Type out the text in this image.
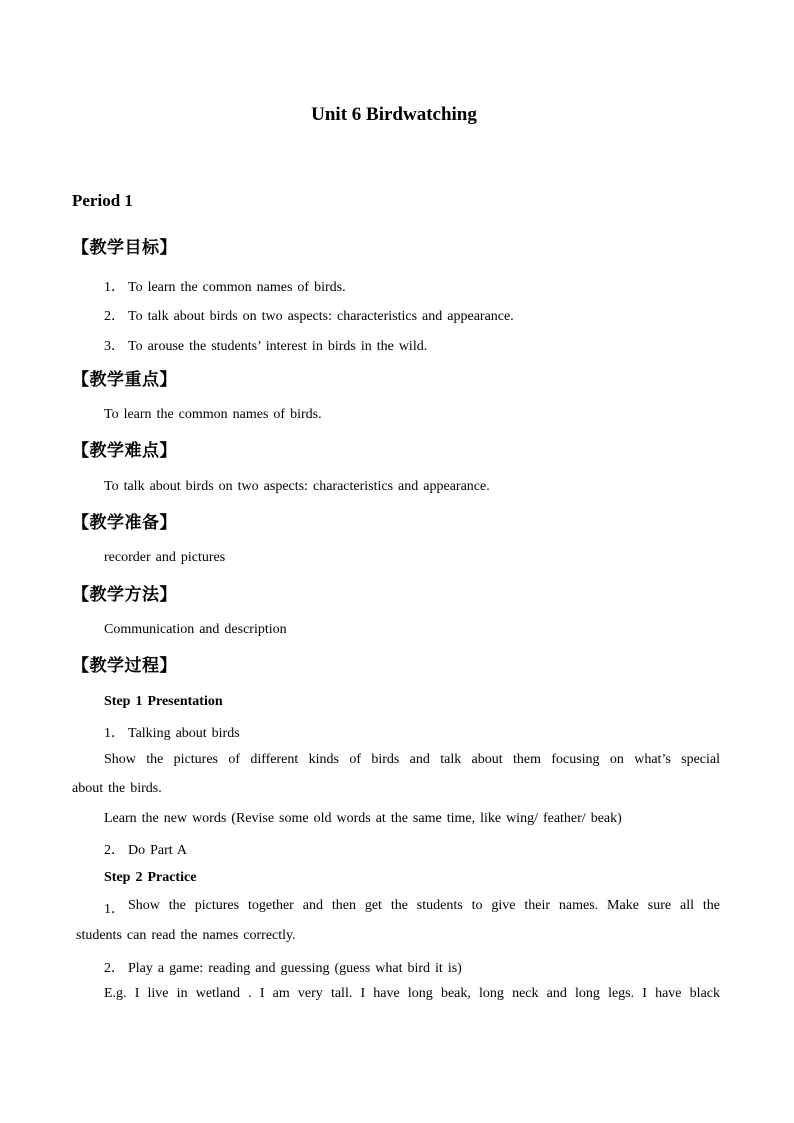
Unit 6 Birdwatching
Period 1
【教学目标】
1． To learn the common names of birds.
2． To talk about birds on two aspects: characteristics and appearance.
3． To arouse the students’ interest in birds in the wild.
【教学重点】
To learn the common names of birds.
【教学难点】
To talk about birds on two aspects: characteristics and appearance.
【教学准备】
recorder and pictures
【教学方法】
Communication and description
【教学过程】
Step 1 Presentation
1． Talking about birds
Show the pictures of different kinds of birds and talk about them focusing on what’s special
about the birds.
Learn the new words (Revise some old words at the same time, like wing/ feather/ beak)
2． Do Part A
Step 2 Practice
1． Show the pictures together and then get the students to give their names. Make sure all the
students can read the names correctly.
2． Play a game: reading and guessing (guess what bird it is)
E.g. I live in wetland . I am very tall. I have long beak, long neck and long legs. I have black
